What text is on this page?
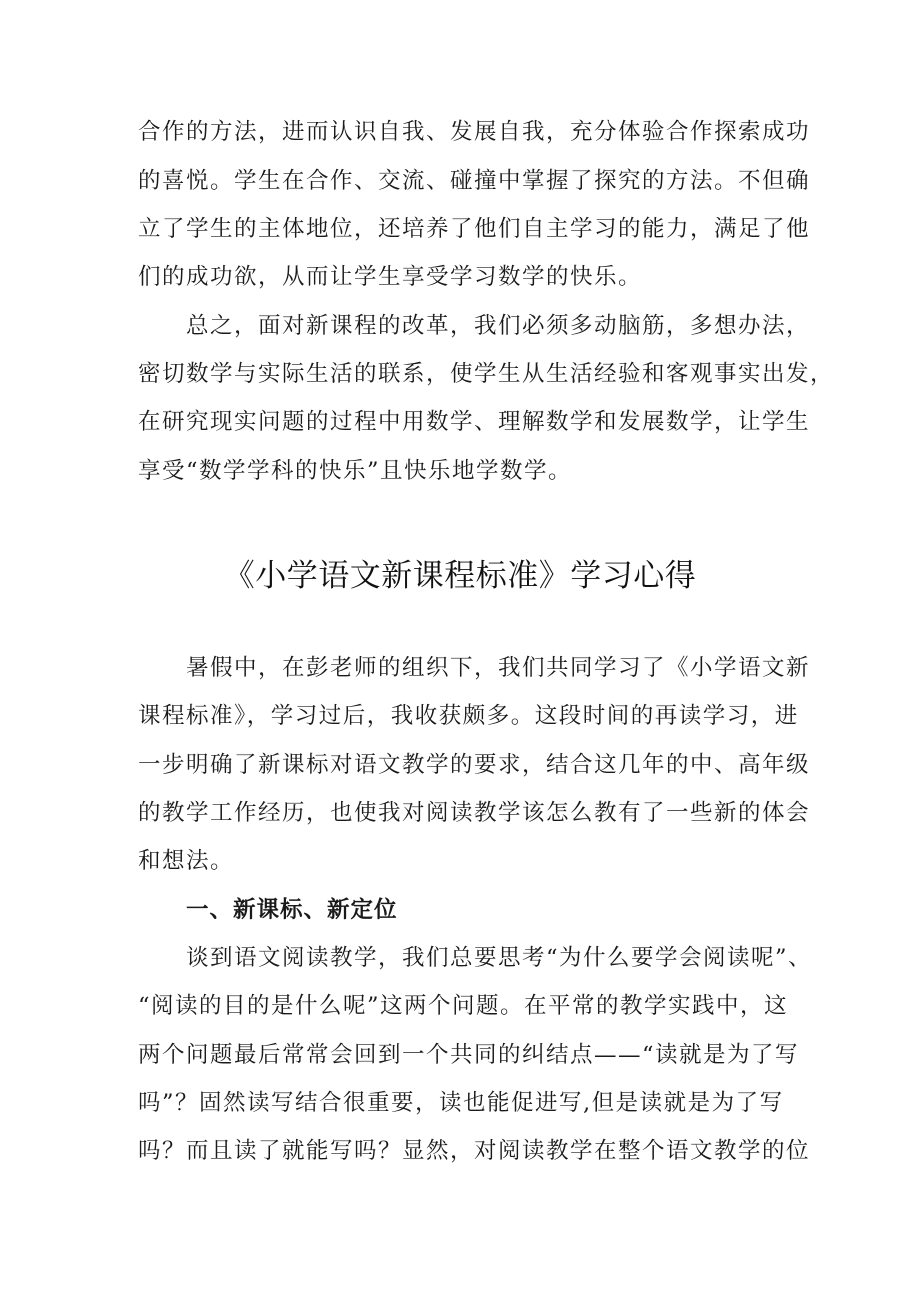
合作的方法，进而认识自我、发展自我，充分体验合作探索成功
的喜悦。学生在合作、交流、碰撞中掌握了探究的方法。不但确
立了学生的主体地位，还培养了他们自主学习的能力，满足了他
们的成功欲，从而让学生享受学习数学的快乐。
总之，面对新课程的改革，我们必须多动脑筋，多想办法，
密切数学与实际生活的联系，使学生从生活经验和客观事实出发，
在研究现实问题的过程中用数学、理解数学和发展数学，让学生
享受“数学学科的快乐”且快乐地学数学。
《小学语文新课程标准》学习心得
暑假中，在彭老师的组织下，我们共同学习了《小学语文新
课程标准》，学习过后，我收获颇多。这段时间的再读学习，进
一步明确了新课标对语文教学的要求，结合这几年的中、高年级
的教学工作经历，也使我对阅读教学该怎么教有了一些新的体会
和想法。
一、新课标、新定位
谈到语文阅读教学，我们总要思考“为什么要学会阅读呢”、
“阅读的目的是什么呢”这两个问题。在平常的教学实践中，这
两个问题最后常常会回到一个共同的纠结点——“读就是为了写
吗”？固然读写结合很重要，读也能促进写,但是读就是为了写
吗？而且读了就能写吗？显然，对阅读教学在整个语文教学的位
